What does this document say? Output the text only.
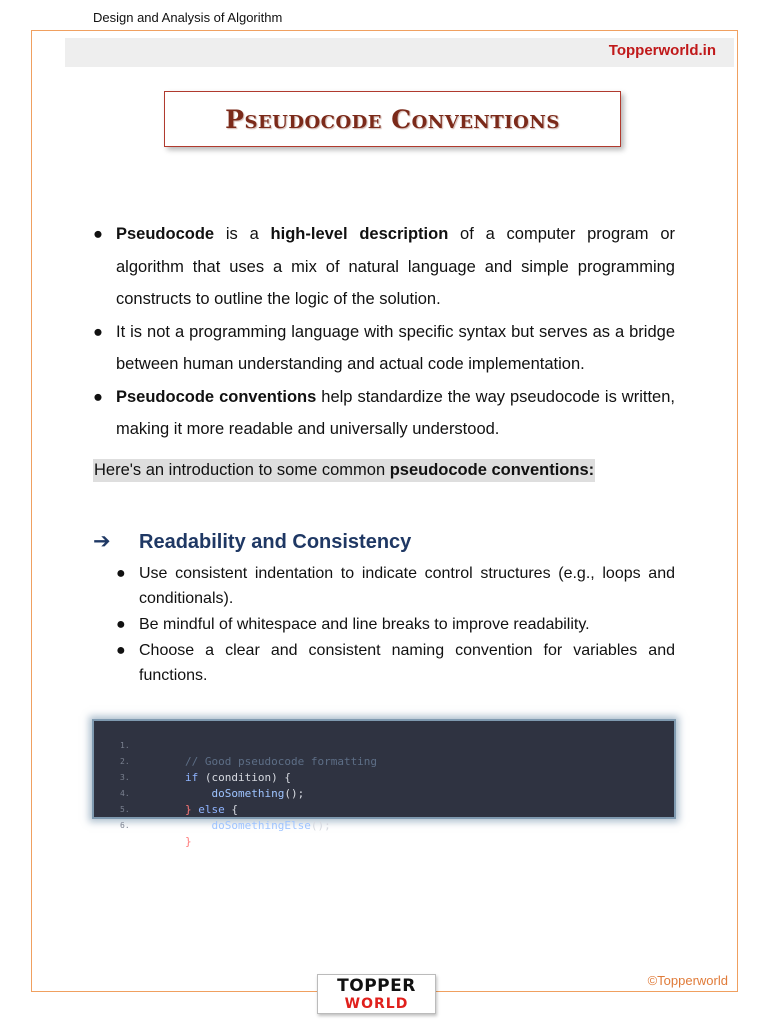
Design and Analysis of Algorithm
Topperworld.in
Pseudocode Conventions
● Pseudocode is a high-level description of a computer program or algorithm that uses a mix of natural language and simple programming constructs to outline the logic of the solution.
● It is not a programming language with specific syntax but serves as a bridge between human understanding and actual code implementation.
● Pseudocode conventions help standardize the way pseudocode is written, making it more readable and universally understood.
Here's an introduction to some common pseudocode conventions:
➔ Readability and Consistency
● Use consistent indentation to indicate control structures (e.g., loops and conditionals).
● Be mindful of whitespace and line breaks to improve readability.
● Choose a clear and consistent naming convention for variables and functions.

1.

// Good pseudocode formatting

2.

if (condition) {

3.

doSomething();

4.

} else {

5.

doSomethingElse();

6.

}

TOPPER
WORLD
©Topperworld
